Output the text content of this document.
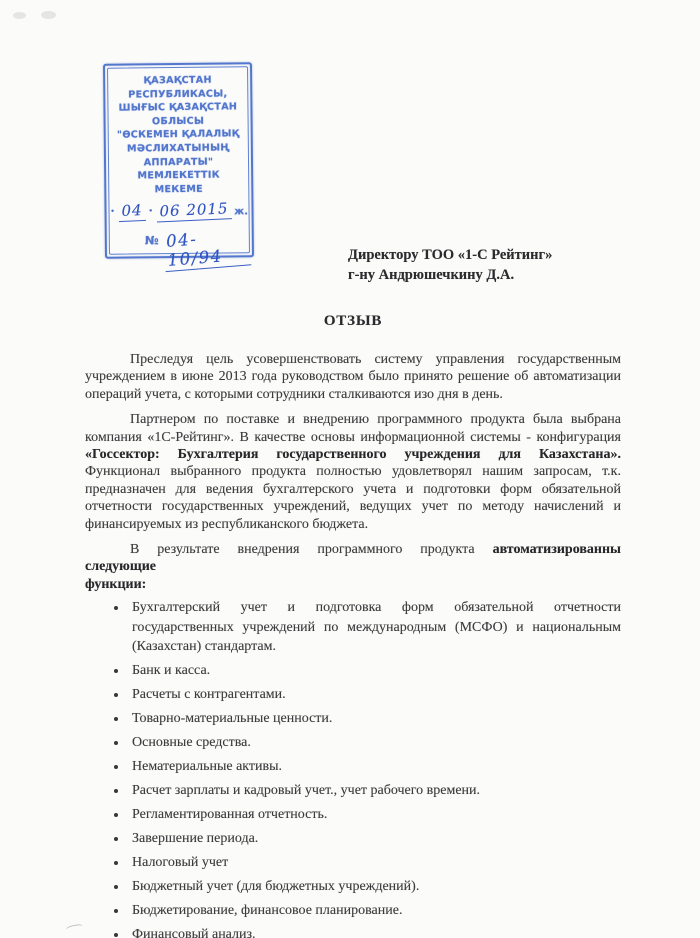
ҚАЗАҚСТАН
РЕСПУБЛИКАСЫ,
ШЫҒЫС ҚАЗАҚСТАН
ОБЛЫСЫ
"ӨСКЕМЕН ҚАЛАЛЫҚ
МӘСЛИХАТЫНЫҢ
АППАРАТЫ"
МЕМЛЕКЕТТІК
МЕКЕМЕ
· 04 · 06 2015 ж.
№ 04-10/94	Директору ТОО «1-С Рейтинг»
г-ну Андрюшечкину Д.А.
ОТЗЫВ
Преследуя цель усовершенствовать систему управления государственным
учреждением в июне 2013 года руководством было принято решение об автоматизации
операций учета, с которыми сотрудники сталкиваются изо дня в день.
Партнером по поставке и внедрению программного продукта была выбрана
компания «1С-Рейтинг». В качестве основы информационной системы - конфигурация
«Госсектор: Бухгалтерия государственного учреждения для Казахстана».
Функционал выбранного продукта полностью удовлетворял нашим запросам, т.к.
предназначен для ведения бухгалтерского учета и подготовки форм обязательной
отчетности государственных учреждений, ведущих учет по методу начислений и
финансируемых из республиканского бюджета.
В результате внедрения программного продукта автоматизированны следующие
функции:
Бухгалтерский учет и подготовка форм обязательной отчетности
государственных учреждений по международным (МСФО) и национальным
(Казахстан) стандартам.
Банк и касса.
Расчеты с контрагентами.
Товарно-материальные ценности.
Основные средства.
Нематериальные активы.
Расчет зарплаты и кадровый учет., учет рабочего времени.
Регламентированная отчетность.
Завершение периода.
Налоговый учет
Бюджетный учет (для бюджетных учреждений).
Бюджетирование, финансовое планирование.
Финансовый анализ.
